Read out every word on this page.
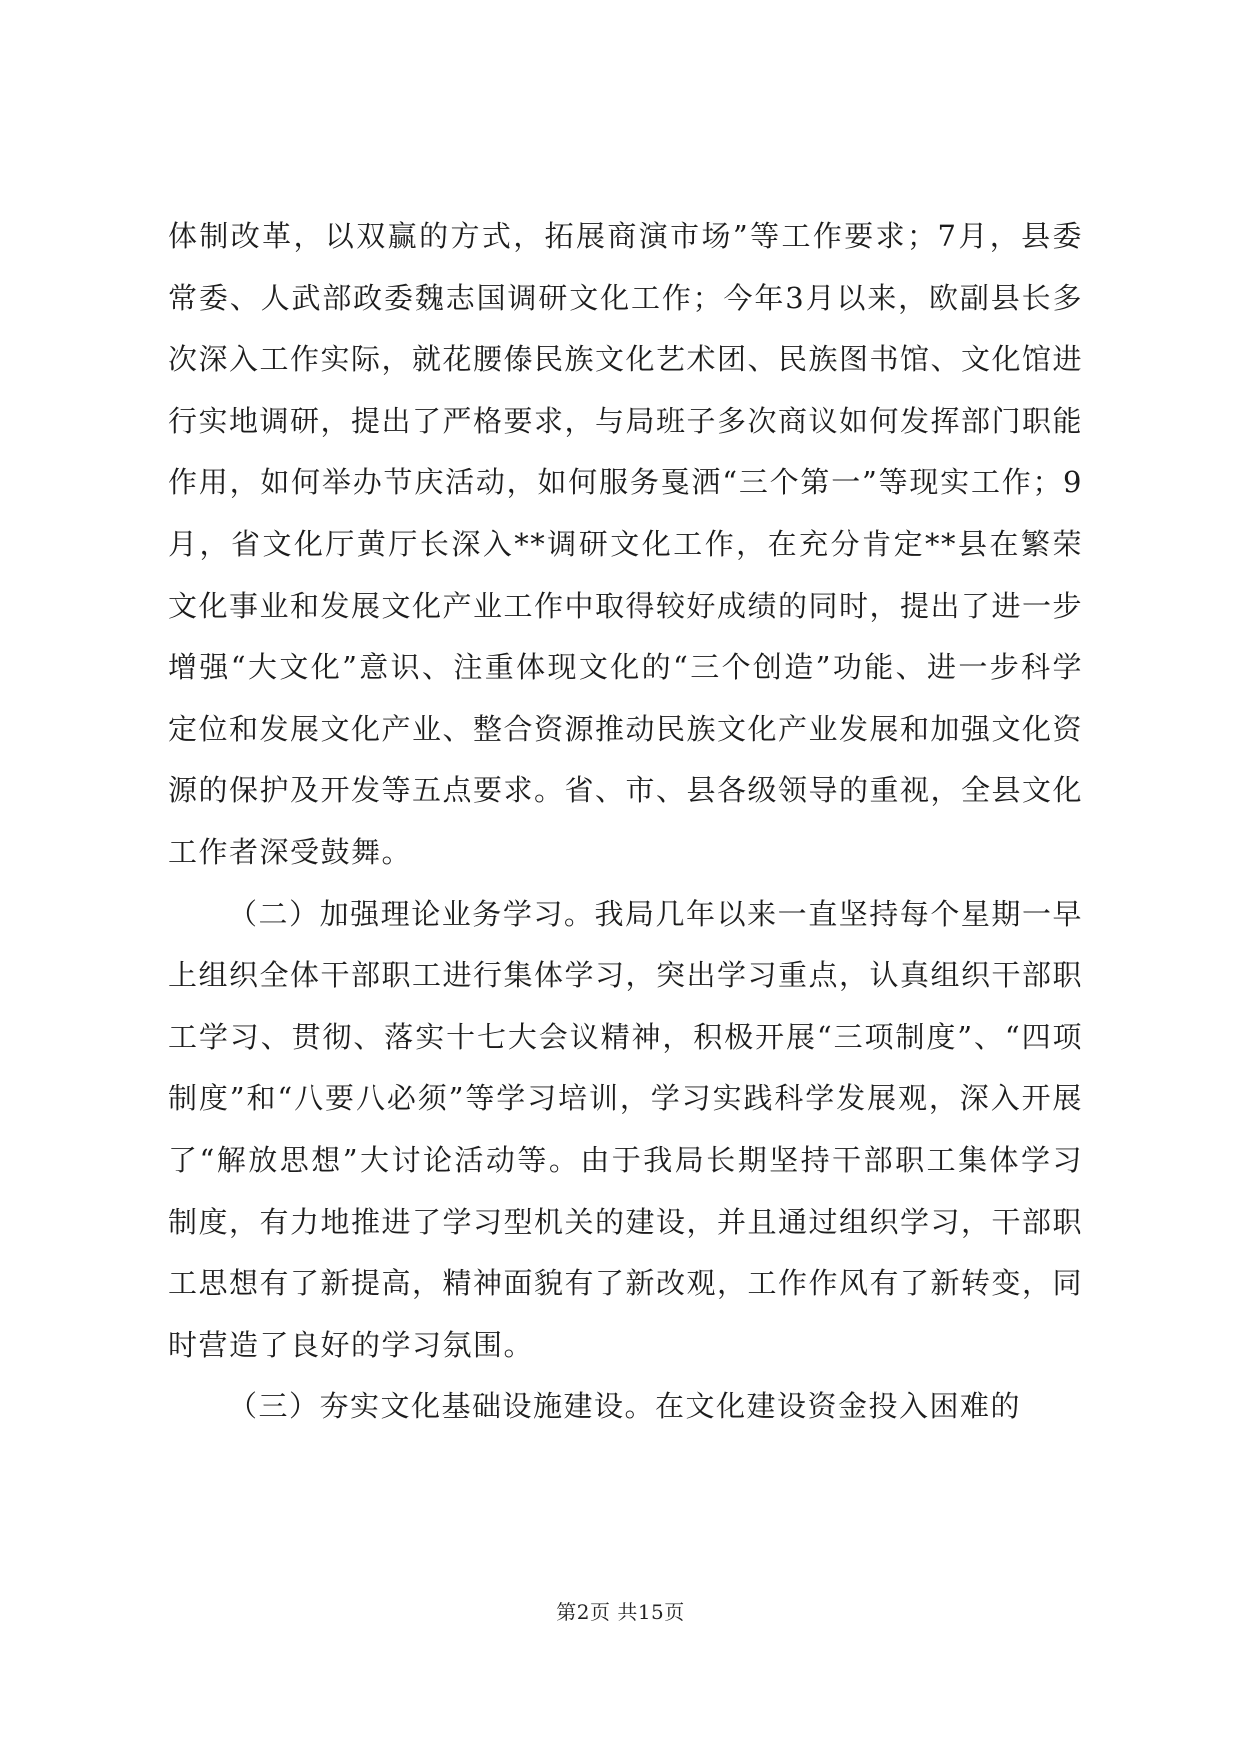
体制改革，以双赢的方式，拓展商演市场”等工作要求；7月，县委常委、人武部政委魏志国调研文化工作；今年3月以来，欧副县长多次深入工作实际，就花腰傣民族文化艺术团、民族图书馆、文化馆进行实地调研，提出了严格要求，与局班子多次商议如何发挥部门职能作用，如何举办节庆活动，如何服务戛洒“三个第一”等现实工作；9月，省文化厅黄厅长深入**调研文化工作，在充分肯定**县在繁荣文化事业和发展文化产业工作中取得较好成绩的同时，提出了进一步增强“大文化”意识、注重体现文化的“三个创造”功能、进一步科学定位和发展文化产业、整合资源推动民族文化产业发展和加强文化资源的保护及开发等五点要求。省、市、县各级领导的重视，全县文化工作者深受鼓舞。

（二）加强理论业务学习。我局几年以来一直坚持每个星期一早上组织全体干部职工进行集体学习，突出学习重点，认真组织干部职工学习、贯彻、落实十七大会议精神，积极开展“三项制度”、“四项制度”和“八要八必须”等学习培训，学习实践科学发展观，深入开展了“解放思想”大讨论活动等。由于我局长期坚持干部职工集体学习制度，有力地推进了学习型机关的建设，并且通过组织学习，干部职工思想有了新提高，精神面貌有了新改观，工作作风有了新转变，同时营造了良好的学习氛围。

（三）夯实文化基础设施建设。在文化建设资金投入困难的

第2页 共15页
